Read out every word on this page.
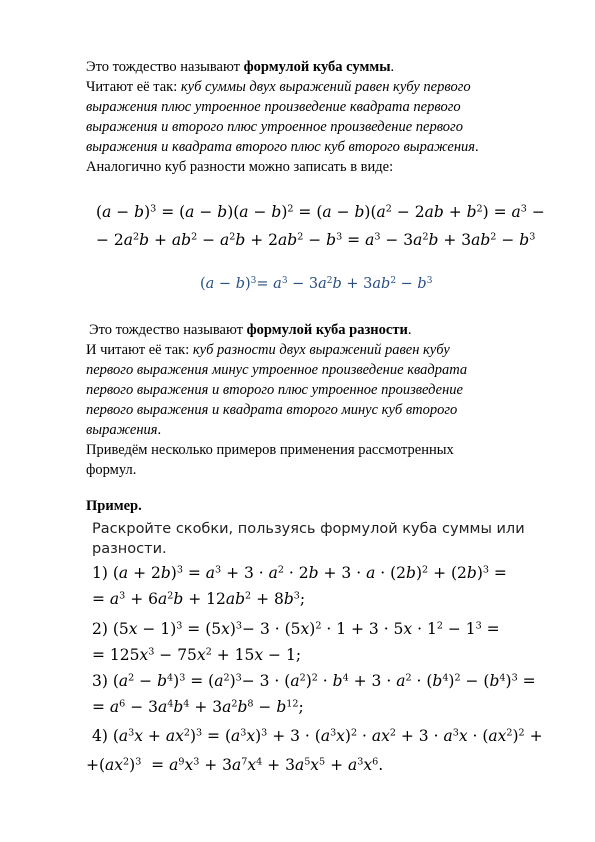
Это тождество называют формулой куба суммы.
Читают её так: куб суммы двух выражений равен кубу первого
выражения плюс утроенное произведение квадрата первого
выражения и второго плюс утроенное произведение первого
выражения и квадрата второго плюс куб второго выражения.
Аналогично куб разности можно записать в виде:
$(a - b)^3 = (a - b)(a - b)^2 = (a - b)(a^2 - 2ab + b^2) = a^3$ −
− $2a^2b + ab^2 - a^2b + 2ab^2 - b^3 = a^3 - 3a^2b + 3ab^2 - b^3$
$(a - b)^3= a^3 - 3a^2b + 3ab^2 - b^3$
Это тождество называют формулой куба разности.
И читают её так: куб разности двух выражений равен кубу
первого выражения минус утроенное произведение квадрата
первого выражения и второго плюс утроенное произведение
первого выражения и квадрата второго минус куб второго
выражения.
Приведём несколько примеров применения рассмотренных
формул.
Пример.
Раскройте скобки, пользуясь формулой куба суммы или
разности.
1) $(a + 2b)^3 = a^3 + 3 \cdot a^2 \cdot 2b + 3 \cdot a \cdot (2b)^2 + (2b)^3$ =
= $a^3 + 6a^2b + 12ab^2 + 8b^3$;
2) $(5x - 1)^3 = (5x)^3- 3 \cdot (5x)^2 \cdot 1 + 3 \cdot 5x \cdot 1^2 - 1^3$ =
= $125x^3 - 75x^2 + 15x - 1$;
3) $(a^2 - b^4)^3 = (a^2)^3- 3 \cdot (a^2)^2 \cdot b^4 + 3 \cdot a^2 \cdot (b^4)^2 - (b^4)^3$ =
= $a^6 - 3a^4b^4 + 3a^2b^8 - b^{12}$;
4) $(a^3x + ax^2)^3 = (a^3x)^3 + 3 \cdot (a^3x)^2 \cdot ax^2 + 3 \cdot a^3x \cdot (ax^2)^2$ +
$+(ax^2)^3 = a^9x^3 + 3a^7x^4 + 3a^5x^5 + a^3x^6$.
